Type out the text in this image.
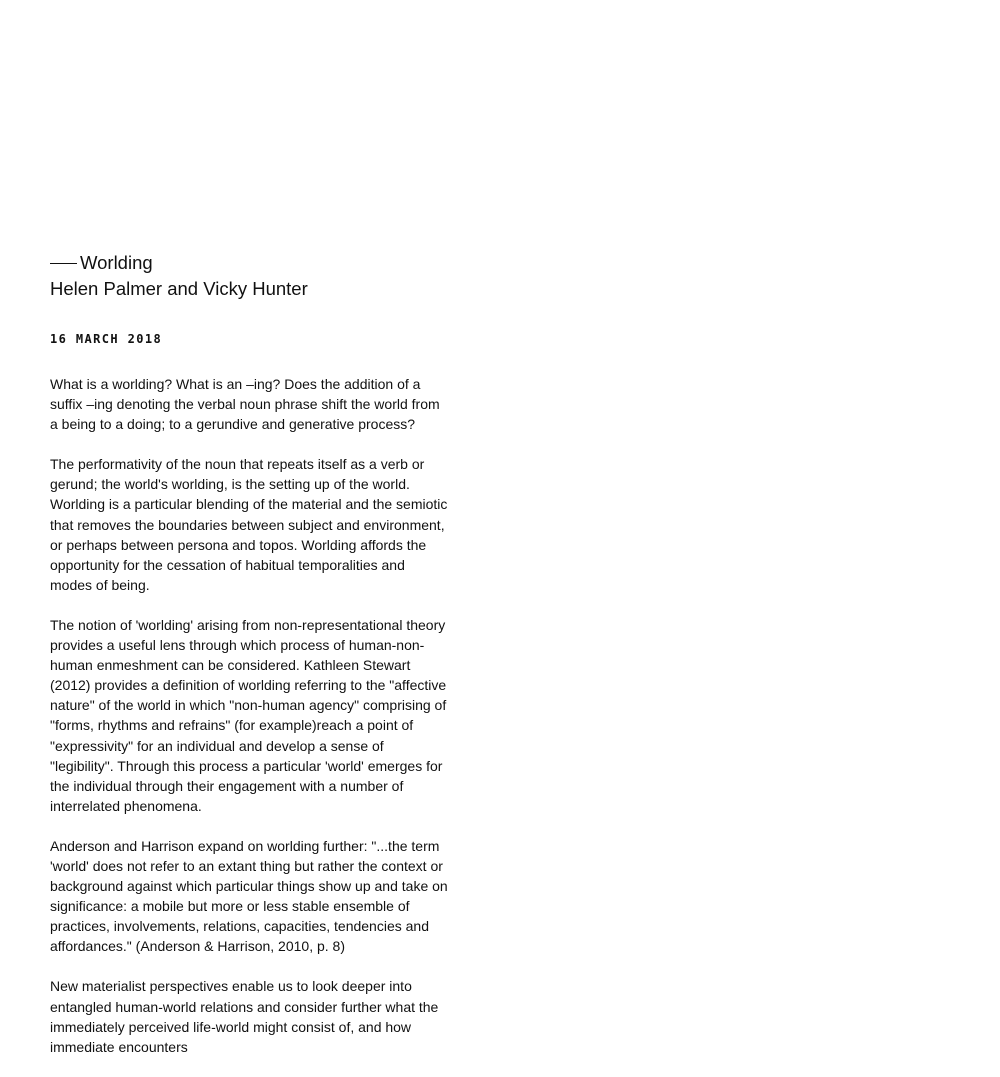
Worlding
Helen Palmer and Vicky Hunter
16 MARCH 2018

What is a worlding? What is an –ing? Does the addition of a suffix –ing denoting the verbal noun phrase shift the world from a being to a doing; to a gerundive and generative process?

The performativity of the noun that repeats itself as a verb or gerund; the world's worlding, is the setting up of the world. Worlding is a particular blending of the material and the semiotic that removes the boundaries between subject and environment, or perhaps between persona and topos. Worlding affords the opportunity for the cessation of habitual temporalities and modes of being.

The notion of 'worlding' arising from non-representational theory provides a useful lens through which process of human-non-human enmeshment can be considered. Kathleen Stewart (2012) provides a definition of worlding referring to the "affective nature" of the world in which "non-human agency" comprising of "forms, rhythms and refrains" (for example)reach a point of "expressivity" for an individual and develop a sense of "legibility". Through this process a particular 'world' emerges for the individual through their engagement with a number of interrelated phenomena.

Anderson and Harrison expand on worlding further: "...the term 'world' does not refer to an extant thing but rather the context or background against which particular things show up and take on significance: a mobile but more or less stable ensemble of practices, involvements, relations, capacities, tendencies and affordances." (Anderson & Harrison, 2010, p. 8)

New materialist perspectives enable us to look deeper into entangled human-world relations and consider further what the immediately perceived life-world might consist of, and how immediate encounters
